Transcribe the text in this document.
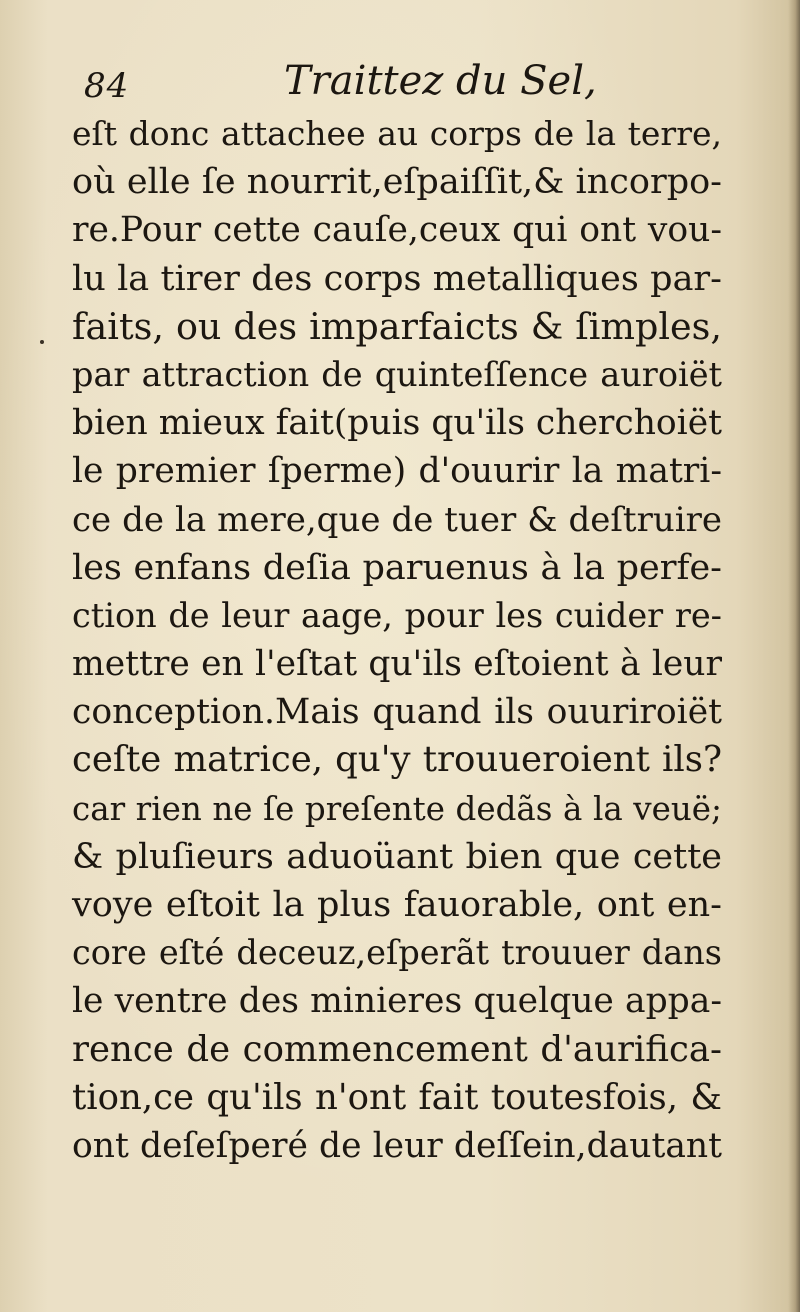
84	Traittez du Sel,
eſt donc attachee au corps de la terre,
où elle ſe nourrit,eſpaiſſit,& incorpo-
re.Pour cette cauſe,ceux qui ont vou-
lu la tirer des corps metalliques par-
faits, ou des imparfaicts & ſimples,
par attraction de quinteſſence auroiët
bien mieux fait(puis qu'ils cherchoiët
le premier ſperme) d'ouurir la matri-
ce de la mere,que de tuer & deſtruire
les enfans deſia paruenus à la perfe-
ction de leur aage, pour les cuider re-
mettre en l'eſtat qu'ils eſtoient à leur
conception.Mais quand ils ouuriroiët
ceſte matrice, qu'y trouueroient ils?
car rien ne ſe preſente dedãs à la veuë;
& pluſieurs aduoüant bien que cette
voye eſtoit la plus fauorable, ont en-
core eſté deceuz,eſperãt trouuer dans
le ventre des minieres quelque appa-
rence de commencement d'aurifica-
tion,ce qu'ils n'ont fait toutesfois, &
ont deſeſperé de leur deſſein,dautant
